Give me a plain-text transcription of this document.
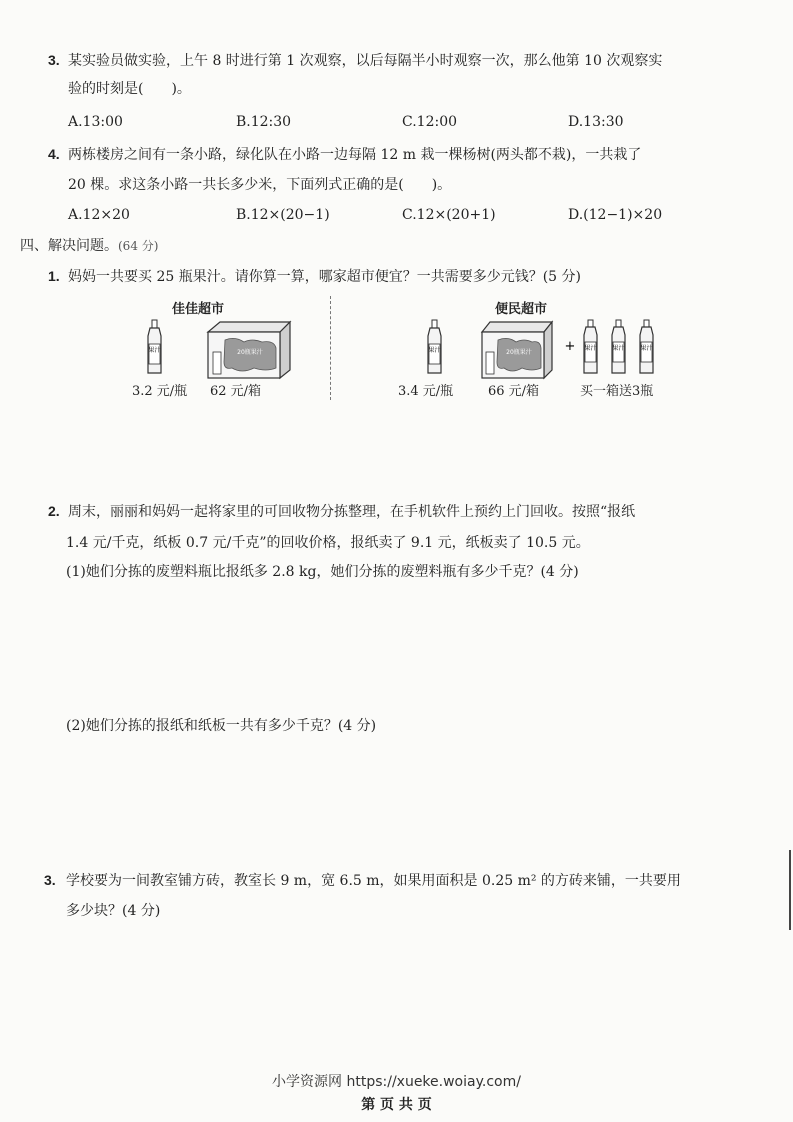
3. 某实验员做实验，上午 8 时进行第 1 次观察，以后每隔半小时观察一次，那么他第 10 次观察实
验的时刻是(　　)。
A.13:00	B.12:30	C.12:00	D.13:30
4. 两栋楼房之间有一条小路，绿化队在小路一边每隔 12 m 栽一棵杨树(两头都不栽)，一共栽了
20 棵。求这条小路一共长多少米，下面列式正确的是(　　)。
A.12×20	B.12×(20−1)	C.12×(20+1)	D.(12−1)×20
四、解决问题。(64 分)
1. 妈妈一共要买 25 瓶果汁。请你算一算，哪家超市便宜？一共需要多少元钱？(5 分)
佳佳超市
果汁	20瓶果汁
3.2 元/瓶 62 元/箱
便民超市
果汁	20瓶果汁	+ 果汁	果汁	果汁
3.4 元/瓶	66 元/箱	买一箱送3瓶
2. 周末，丽丽和妈妈一起将家里的可回收物分拣整理，在手机软件上预约上门回收。按照“报纸
1.4 元/千克，纸板 0.7 元/千克”的回收价格，报纸卖了 9.1 元，纸板卖了 10.5 元。
(1)她们分拣的废塑料瓶比报纸多 2.8 kg，她们分拣的废塑料瓶有多少千克？(4 分)
(2)她们分拣的报纸和纸板一共有多少千克？(4 分)
3. 学校要为一间教室铺方砖，教室长 9 m，宽 6.5 m，如果用面积是 0.25 m² 的方砖来铺，一共要用
多少块？(4 分)
小学资源网 https://xueke.woiay.com/
第 页 共 页
